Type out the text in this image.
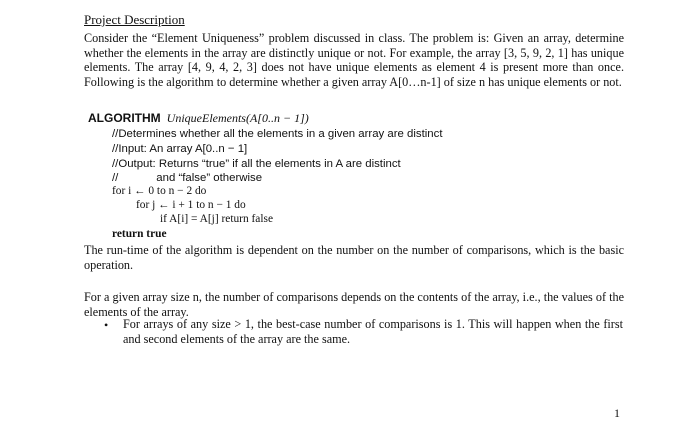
Project Description

Consider the “Element Uniqueness” problem discussed in class. The problem is: Given an array, determine whether the elements in the array are distinctly unique or not. For example, the array [3, 5, 9, 2, 1] has unique elements. The array [4, 9, 4, 2, 3] does not have unique elements as element 4 is present more than once. Following is the algorithm to determine whether a given array A[0…n-1] of size n has unique elements or not.

ALGORITHM UniqueElements(A[0..n − 1])
//Determines whether all the elements in a given array are distinct
//Input: An array A[0..n − 1]
//Output: Returns “true” if all the elements in A are distinct
//            and “false” otherwise
for i ← 0 to n − 2 do
for j ← i + 1 to n − 1 do
if A[i] = A[j] return false
return true

The run-time of the algorithm is dependent on the number on the number of comparisons, which is the basic operation.

For a given array size n, the number of comparisons depends on the contents of the array, i.e., the values of the elements of the array.

• For arrays of any size > 1, the best-case number of comparisons is 1. This will happen when the first and second elements of the array are the same.

1
